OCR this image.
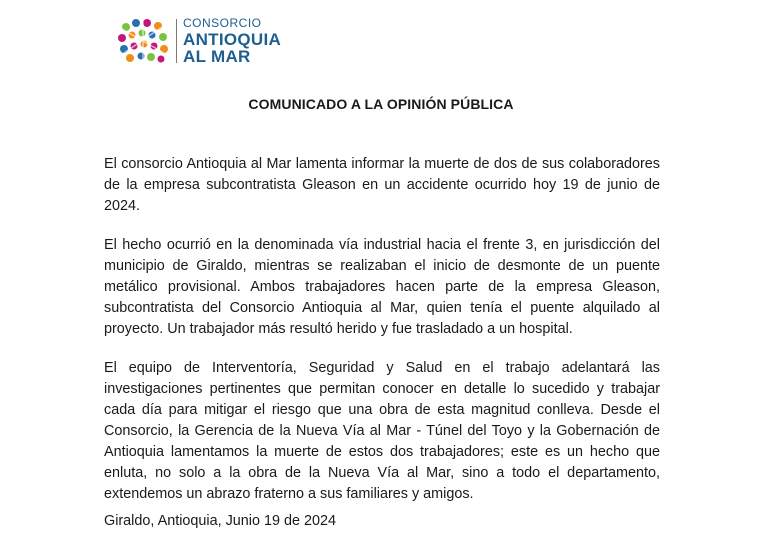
CONSORCIO
ANTIOQUIA
AL MAR
COMUNICADO A LA OPINIÓN PÚBLICA

El consorcio Antioquia al Mar lamenta informar la muerte de dos de sus colaboradores de la empresa subcontratista Gleason en un accidente ocurrido hoy 19 de junio de 2024.

El hecho ocurrió en la denominada vía industrial hacia el frente 3, en jurisdicción del municipio de Giraldo, mientras se realizaban el inicio de desmonte de un puente metálico provisional. Ambos trabajadores hacen parte de la empresa Gleason, subcontratista del Consorcio Antioquia al Mar, quien tenía el puente alquilado al proyecto. Un trabajador más resultó herido y fue trasladado a un hospital.

El equipo de Interventoría, Seguridad y Salud en el trabajo adelantará las investigaciones pertinentes que permitan conocer en detalle lo sucedido y trabajar cada día para mitigar el riesgo que una obra de esta magnitud conlleva. Desde el Consorcio, la Gerencia de la Nueva Vía al Mar - Túnel del Toyo y la Gobernación de Antioquia lamentamos la muerte de estos dos trabajadores; este es un hecho que enluta, no solo a la obra de la Nueva Vía al Mar, sino a todo el departamento, extendemos un abrazo fraterno a sus familiares y amigos.

Giraldo, Antioquia, Junio 19 de 2024
